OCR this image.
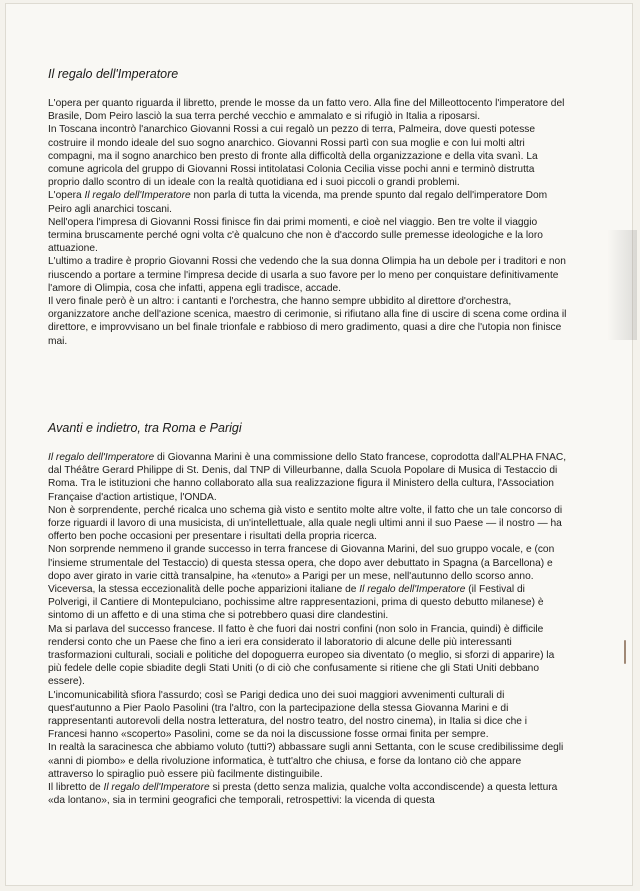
Il regalo dell'Imperatore

L'opera per quanto riguarda il libretto, prende le mosse da un fatto vero. Alla fine del Milleottocento l'imperatore del Brasile, Dom Peiro lasciò la sua terra perché vecchio e ammalato e si rifugiò in Italia a riposarsi.

In Toscana incontrò l'anarchico Giovanni Rossi a cui regalò un pezzo di terra, Palmeira, dove questi potesse costruire il mondo ideale del suo sogno anarchico. Giovanni Rossi partì con sua moglie e con lui molti altri compagni, ma il sogno anarchico ben presto di fronte alla difficoltà della organizzazione e della vita svanì. La comune agricola del gruppo di Giovanni Rossi intitolatasi Colonia Cecilia visse pochi anni e terminò distrutta proprio dallo scontro di un ideale con la realtà quotidiana ed i suoi piccoli o grandi problemi.

L'opera Il regalo dell'Imperatore non parla di tutta la vicenda, ma prende spunto dal regalo dell'imperatore Dom Peiro agli anarchici toscani.

Nell'opera l'impresa di Giovanni Rossi finisce fin dai primi momenti, e cioè nel viaggio. Ben tre volte il viaggio termina bruscamente perché ogni volta c'è qualcuno che non è d'accordo sulle premesse ideologiche e la loro attuazione.

L'ultimo a tradire è proprio Giovanni Rossi che vedendo che la sua donna Olimpia ha un debole per i traditori e non riuscendo a portare a termine l'impresa decide di usarla a suo favore per lo meno per conquistare definitivamente l'amore di Olimpia, cosa che infatti, appena egli tradisce, accade.

Il vero finale però è un altro: i cantanti e l'orchestra, che hanno sempre ubbidito al direttore d'orchestra, organizzatore anche dell'azione scenica, maestro di cerimonie, si rifiutano alla fine di uscire di scena come ordina il direttore, e improvvisano un bel finale trionfale e rabbioso di mero gradimento, quasi a dire che l'utopia non finisce mai.

Avanti e indietro, tra Roma e Parigi

Il regalo dell'Imperatore di Giovanna Marini è una commissione dello Stato francese, coprodotta dall'ALPHA FNAC, dal Théâtre Gerard Philippe di St. Denis, dal TNP di Villeurbanne, dalla Scuola Popolare di Musica di Testaccio di Roma. Tra le istituzioni che hanno collaborato alla sua realizzazione figura il Ministero della cultura, l'Association Française d'action artistique, l'ONDA.

Non è sorprendente, perché ricalca uno schema già visto e sentito molte altre volte, il fatto che un tale concorso di forze riguardi il lavoro di una musicista, di un'intellettuale, alla quale negli ultimi anni il suo Paese — il nostro — ha offerto ben poche occasioni per presentare i risultati della propria ricerca.

Non sorprende nemmeno il grande successo in terra francese di Giovanna Marini, del suo gruppo vocale, e (con l'insieme strumentale del Testaccio) di questa stessa opera, che dopo aver debuttato in Spagna (a Barcellona) e dopo aver girato in varie città transalpine, ha «tenuto» a Parigi per un mese, nell'autunno dello scorso anno.

Viceversa, la stessa eccezionalità delle poche apparizioni italiane de Il regalo dell'Imperatore (il Festival di Polverigi, il Cantiere di Montepulciano, pochissime altre rappresentazioni, prima di questo debutto milanese) è sintomo di un affetto e di una stima che si potrebbero quasi dire clandestini.

Ma si parlava del successo francese. Il fatto è che fuori dai nostri confini (non solo in Francia, quindi) è difficile rendersi conto che un Paese che fino a ieri era considerato il laboratorio di alcune delle più interessanti trasformazioni culturali, sociali e politiche del dopoguerra europeo sia diventato (o meglio, si sforzi di apparire) la più fedele delle copie sbiadite degli Stati Uniti (o di ciò che confusamente si ritiene che gli Stati Uniti debbano essere).

L'incomunicabilità sfiora l'assurdo; così se Parigi dedica uno dei suoi maggiori avvenimenti culturali di quest'autunno a Pier Paolo Pasolini (tra l'altro, con la partecipazione della stessa Giovanna Marini e di rappresentanti autorevoli della nostra letteratura, del nostro teatro, del nostro cinema), in Italia si dice che i Francesi hanno «scoperto» Pasolini, come se da noi la discussione fosse ormai finita per sempre.

In realtà la saracinesca che abbiamo voluto (tutti?) abbassare sugli anni Settanta, con le scuse credibilissime degli «anni di piombo» e della rivoluzione informatica, è tutt'altro che chiusa, e forse da lontano ciò che appare attraverso lo spiraglio può essere più facilmente distinguibile.

Il libretto de Il regalo dell'Imperatore si presta (detto senza malizia, qualche volta accondiscende) a questa lettura «da lontano», sia in termini geografici che temporali, retrospettivi: la vicenda di questa
